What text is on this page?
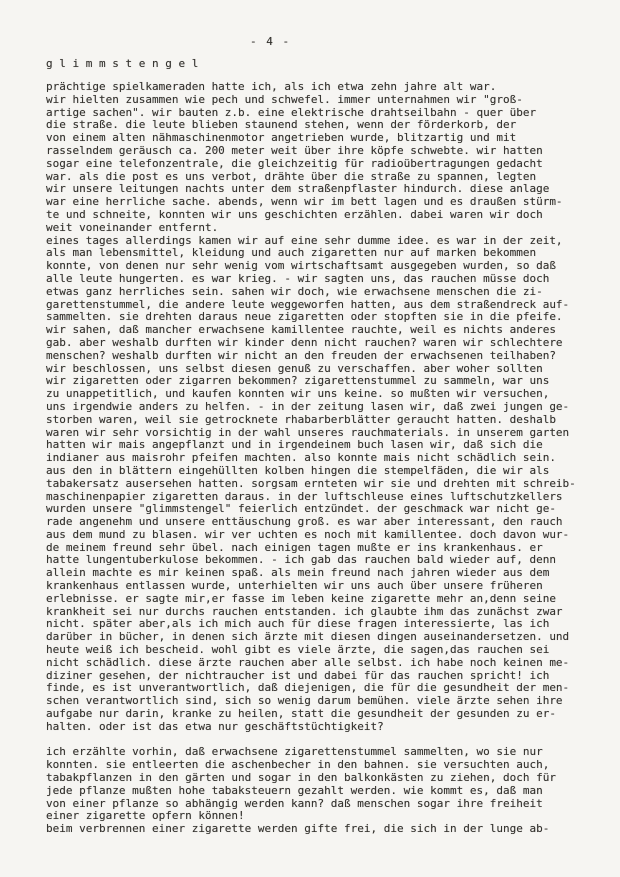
- 4 -
g l i m m s t e n g e l
prächtige spielkameraden hatte ich, als ich etwa zehn jahre alt war.
wir hielten zusammen wie pech und schwefel. immer unternahmen wir "groß-
artige sachen". wir bauten z.b. eine elektrische drahtseilbahn - quer über
die straße. die leute blieben staunend stehen, wenn der förderkorb, der
von einem alten nähmaschinenmotor angetrieben wurde, blitzartig und mit
rasselndem geräusch ca. 200 meter weit über ihre köpfe schwebte. wir hatten
sogar eine telefonzentrale, die gleichzeitig für radioübertragungen gedacht
war. als die post es uns verbot, drähte über die straße zu spannen, legten
wir unsere leitungen nachts unter dem straßenpflaster hindurch. diese anlage
war eine herrliche sache. abends, wenn wir im bett lagen und es draußen stürm-
te und schneite, konnten wir uns geschichten erzählen. dabei waren wir doch
weit voneinander entfernt.
eines tages allerdings kamen wir auf eine sehr dumme idee. es war in der zeit,
als man lebensmittel, kleidung und auch zigaretten nur auf marken bekommen
konnte, von denen nur sehr wenig vom wirtschaftsamt ausgegeben wurden, so daß
alle leute hungerten. es war krieg. - wir sagten uns, das rauchen müsse doch
etwas ganz herrliches sein. sahen wir doch, wie erwachsene menschen die zi-
garettenstummel, die andere leute weggeworfen hatten, aus dem straßendreck auf-
sammelten. sie drehten daraus neue zigaretten oder stopften sie in die pfeife.
wir sahen, daß mancher erwachsene kamillentee rauchte, weil es nichts anderes
gab. aber weshalb durften wir kinder denn nicht rauchen? waren wir schlechtere
menschen? weshalb durften wir nicht an den freuden der erwachsenen teilhaben?
wir beschlossen, uns selbst diesen genuß zu verschaffen. aber woher sollten
wir zigaretten oder zigarren bekommen? zigarettenstummel zu sammeln, war uns
zu unappetitlich, und kaufen konnten wir uns keine. so mußten wir versuchen,
uns irgendwie anders zu helfen. - in der zeitung lasen wir, daß zwei jungen ge-
storben waren, weil sie getrocknete rhabarberblätter geraucht hatten. deshalb
waren wir sehr vorsichtig in der wahl unseres rauchmaterials. in unserem garten
hatten wir mais angepflanzt und in irgendeinem buch lasen wir, daß sich die
indianer aus maisrohr pfeifen machten. also konnte mais nicht schädlich sein.
aus den in blättern eingehüllten kolben hingen die stempelfäden, die wir als
tabakersatz ausersehen hatten. sorgsam ernteten wir sie und drehten mit schreib-
maschinenpapier zigaretten daraus. in der luftschleuse eines luftschutzkellers
wurden unsere "glimmstengel" feierlich entzündet. der geschmack war nicht ge-
rade angenehm und unsere enttäuschung groß. es war aber interessant, den rauch
aus dem mund zu blasen. wir ver uchten es noch mit kamillentee. doch davon wur-
de meinem freund sehr übel. nach einigen tagen mußte er ins krankenhaus. er
hatte lungentuberkulose bekommen. - ich gab das rauchen bald wieder auf, denn
allein machte es mir keinen spaß. als mein freund nach jahren wieder aus dem
krankenhaus entlassen wurde, unterhielten wir uns auch über unsere früheren
erlebnisse. er sagte mir,er fasse im leben keine zigarette mehr an,denn seine
krankheit sei nur durchs rauchen entstanden. ich glaubte ihm das zunächst zwar
nicht. später aber,als ich mich auch für diese fragen interessierte, las ich
darüber in bücher, in denen sich ärzte mit diesen dingen auseinandersetzen. und
heute weiß ich bescheid. wohl gibt es viele ärzte, die sagen,das rauchen sei
nicht schädlich. diese ärzte rauchen aber alle selbst. ich habe noch keinen me-
diziner gesehen, der nichtraucher ist und dabei für das rauchen spricht! ich
finde, es ist unverantwortlich, daß diejenigen, die für die gesundheit der men-
schen verantwortlich sind, sich so wenig darum bemühen. viele ärzte sehen ihre
aufgabe nur darin, kranke zu heilen, statt die gesundheit der gesunden zu er-
halten. oder ist das etwa nur geschäftstüchtigkeit?
ich erzählte vorhin, daß erwachsene zigarettenstummel sammelten, wo sie nur
konnten. sie entleerten die aschenbecher in den bahnen. sie versuchten auch,
tabakpflanzen in den gärten und sogar in den balkonkästen zu ziehen, doch für
jede pflanze mußten hohe tabaksteuern gezahlt werden. wie kommt es, daß man
von einer pflanze so abhängig werden kann? daß menschen sogar ihre freiheit
einer zigarette opfern können!
beim verbrennen einer zigarette werden gifte frei, die sich in der lunge ab-
